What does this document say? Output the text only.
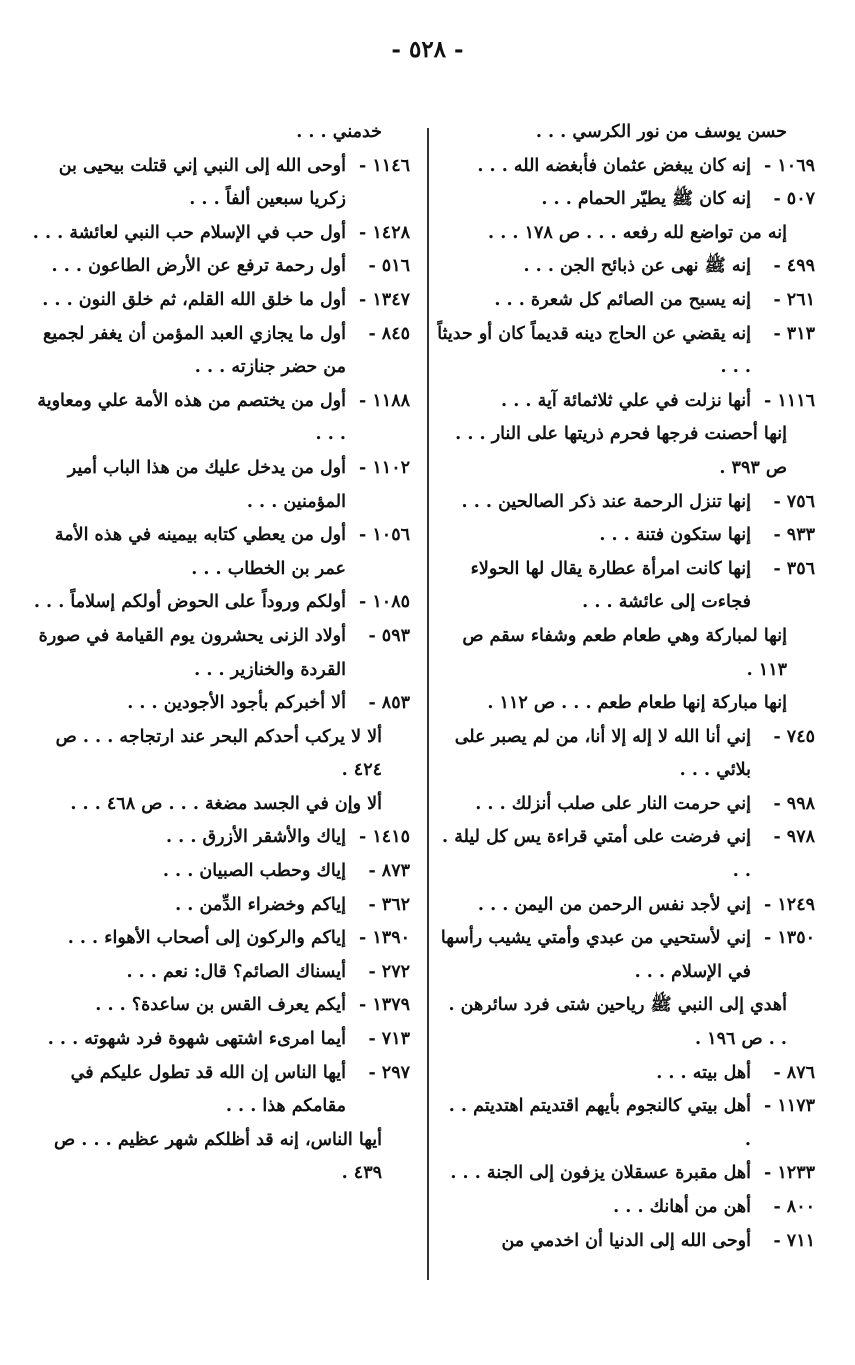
- ٥٢٨ -
حسن يوسف من نور الكرسي . . .
١٠٦٩ -
إنه كان يبغض عثمان فأبغضه الله . . .
٥٠٧ -
إنه كان ﷺ يطيّر الحمام . . .
إنه من تواضع لله رفعه . . . ص ١٧٨ . . .
٤٩٩ -
إنه ﷺ نهى عن ذبائح الجن . . .
٢٦١ -
إنه يسبح من الصائم كل شعرة . . .
٣١٣ -
إنه يقضي عن الحاج دينه قديماً كان أو حديثاً . . .
١١١٦ -
أنها نزلت في علي ثلاثمائة آية . . .
إنها أحصنت فرجها فحرم ذريتها على النار . . . ص ٣٩٣ .
٧٥٦ -
إنها تنزل الرحمة عند ذكر الصالحين . . .
٩٣٣ -
إنها ستكون فتنة . . .
٣٥٦ -
إنها كانت امرأة عطارة يقال لها الحولاء فجاءت إلى عائشة . . .
إنها لمباركة وهي طعام طعم وشفاء سقم ص ١١٣ .
إنها مباركة إنها طعام طعم . . . ص ١١٢ .
٧٤٥ -
إني أنا الله لا إله إلا أنا، من لم يصبر على بلائي . . .
٩٩٨ -
إني حرمت النار على صلب أنزلك . . .
٩٧٨ -
إني فرضت على أمتي قراءة يس كل ليلة . . .
١٢٤٩ -
إني لأجد نفس الرحمن من اليمن . . .
١٣٥٠ -
إني لأستحيي من عبدي وأمتي يشيب رأسها في الإسلام . . .
أهدي إلى النبي ﷺ رياحين شتى فرد سائرهن . . . ص ١٩٦ .
٨٧٦ -
أهل بيته . . .
١١٧٣ -
أهل بيتي كالنجوم بأيهم اقتديتم اهتديتم . . .
١٢٣٣ -
أهل مقبرة عسقلان يزفون إلى الجنة . . .
٨٠٠ -
أهن من أهانك . . .
٧١١ -
أوحى الله إلى الدنيا أن اخدمي من
خدمني . . .
١١٤٦ -
أوحى الله إلى النبي إني قتلت بيحيى بن زكريا سبعين ألفاً . . .
١٤٢٨ -
أول حب في الإسلام حب النبي لعائشة . . .
٥١٦ -
أول رحمة ترفع عن الأرض الطاعون . . .
١٣٤٧ -
أول ما خلق الله القلم، ثم خلق النون . . .
٨٤٥ -
أول ما يجازي العبد المؤمن أن يغفر لجميع من حضر جنازته . . .
١١٨٨ -
أول من يختصم من هذه الأمة علي ومعاوية . . .
١١٠٢ -
أول من يدخل عليك من هذا الباب أمير المؤمنين . . .
١٠٥٦ -
أول من يعطي كتابه بيمينه في هذه الأمة عمر بن الخطاب . . .
١٠٨٥ -
أولكم وروداً على الحوض أولكم إسلاماً . . .
٥٩٣ -
أولاد الزنى يحشرون يوم القيامة في صورة القردة والخنازير . . .
٨٥٣ -
ألا أخبركم بأجود الأجودين . . .
ألا لا يركب أحدكم البحر عند ارتجاجه . . . ص ٤٢٤ .
ألا وإن في الجسد مضغة . . . ص ٤٦٨ . . .
١٤١٥ -
إياك والأشقر الأزرق . . .
٨٧٣ -
إياك وحطب الصبيان . . .
٣٦٢ -
إياكم وخضراء الدِّمن . .
١٣٩٠ -
إياكم والركون إلى أصحاب الأهواء . . .
٢٧٢ -
أيسناك الصائم؟ قال: نعم . . .
١٣٧٩ -
أيكم يعرف القس بن ساعدة؟ . . .
٧١٣ -
أيما امرىء اشتهى شهوة فرد شهوته . . .
٢٩٧ -
أيها الناس إن الله قد تطول عليكم في مقامكم هذا . . .
أيها الناس، إنه قد أظلكم شهر عظيم . . . ص ٤٣٩ .
